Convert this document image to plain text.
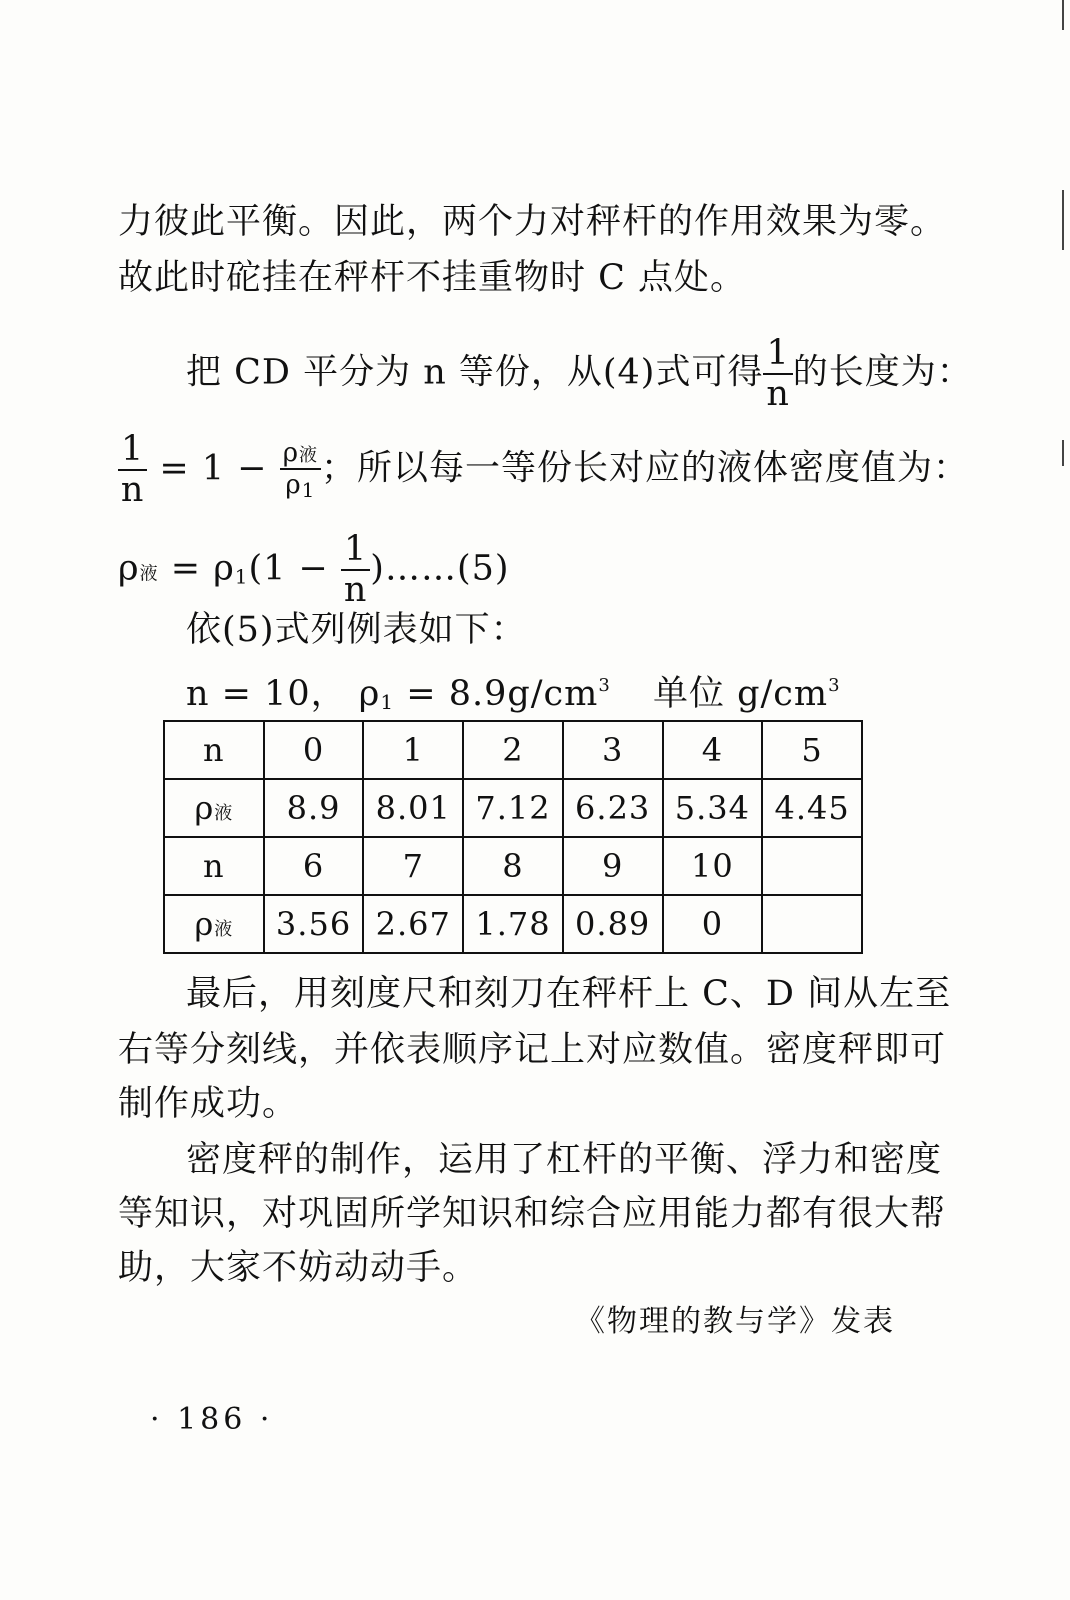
力彼此平衡。因此，两个力对秤杆的作用效果为零。
故此时砣挂在秤杆不挂重物时 C 点处。
把 CD 平分为 n 等份，从(4)式可得 $\frac{1}{n}$ 的长度为：
$\frac{1}{n} = 1 - \frac{\text{ρ液}}{\rho_1}$ ；所以每一等份长对应的液体密度值为：
ρ液 = $\rho_1(1 - \frac{1}{n}$ )……(5)
依(5)式列例表如下：
n = 10， $\rho_1 = 8.9g/cm^3$ 单位 $g/cm^3$
n	0	1	2	3	4	5
ρ液	8.9	8.01	7.12	6.23	5.34	4.45
n	6	7	8	9	10	
ρ液	3.56	2.67	1.78	0.89	0	
最后，用刻度尺和刻刀在秤杆上 C、D 间从左至
右等分刻线，并依表顺序记上对应数值。密度秤即可
制作成功。
密度秤的制作，运用了杠杆的平衡、浮力和密度
等知识，对巩固所学知识和综合应用能力都有很大帮
助，大家不妨动动手。
《物理的教与学》发表
· 186 ·
